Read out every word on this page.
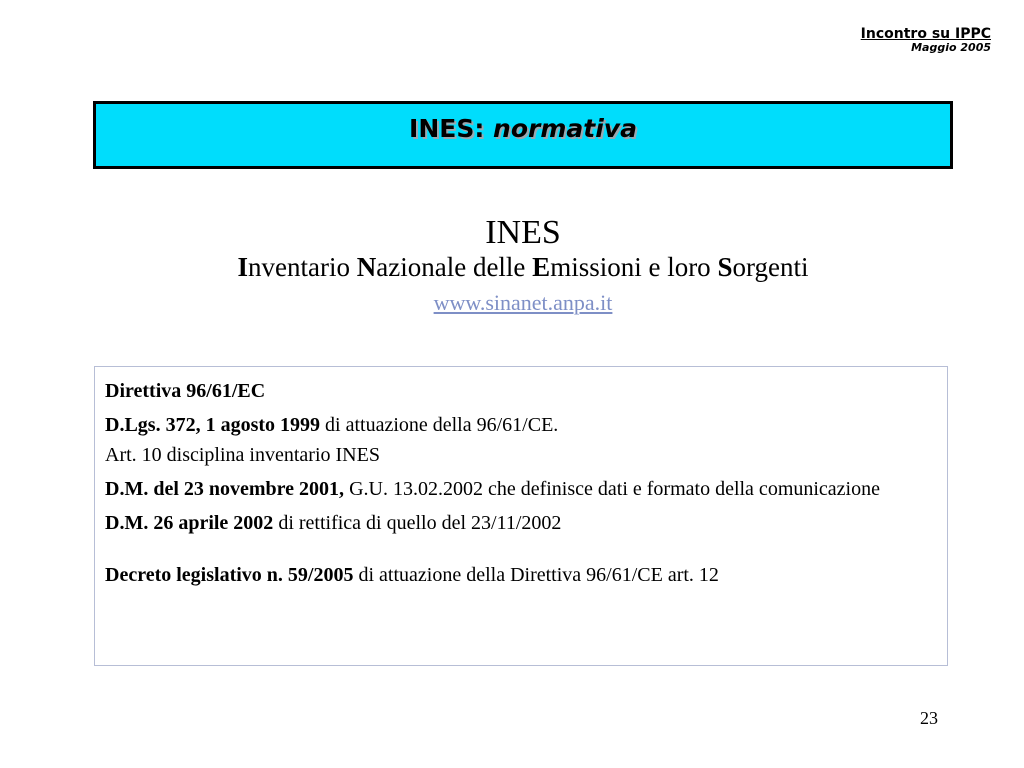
Incontro su IPPC
Maggio 2005
INES: normativa
INES
Inventario Nazionale delle Emissioni e loro Sorgenti
www.sinanet.anpa.it
Direttiva 96/61/EC
D.Lgs. 372, 1 agosto 1999 di attuazione della 96/61/CE.
Art. 10 disciplina inventario INES
D.M. del 23 novembre 2001, G.U. 13.02.2002 che definisce dati e formato della comunicazione
D.M. 26 aprile 2002 di rettifica di quello del 23/11/2002
Decreto legislativo n. 59/2005 di attuazione della Direttiva 96/61/CE art. 12
23
